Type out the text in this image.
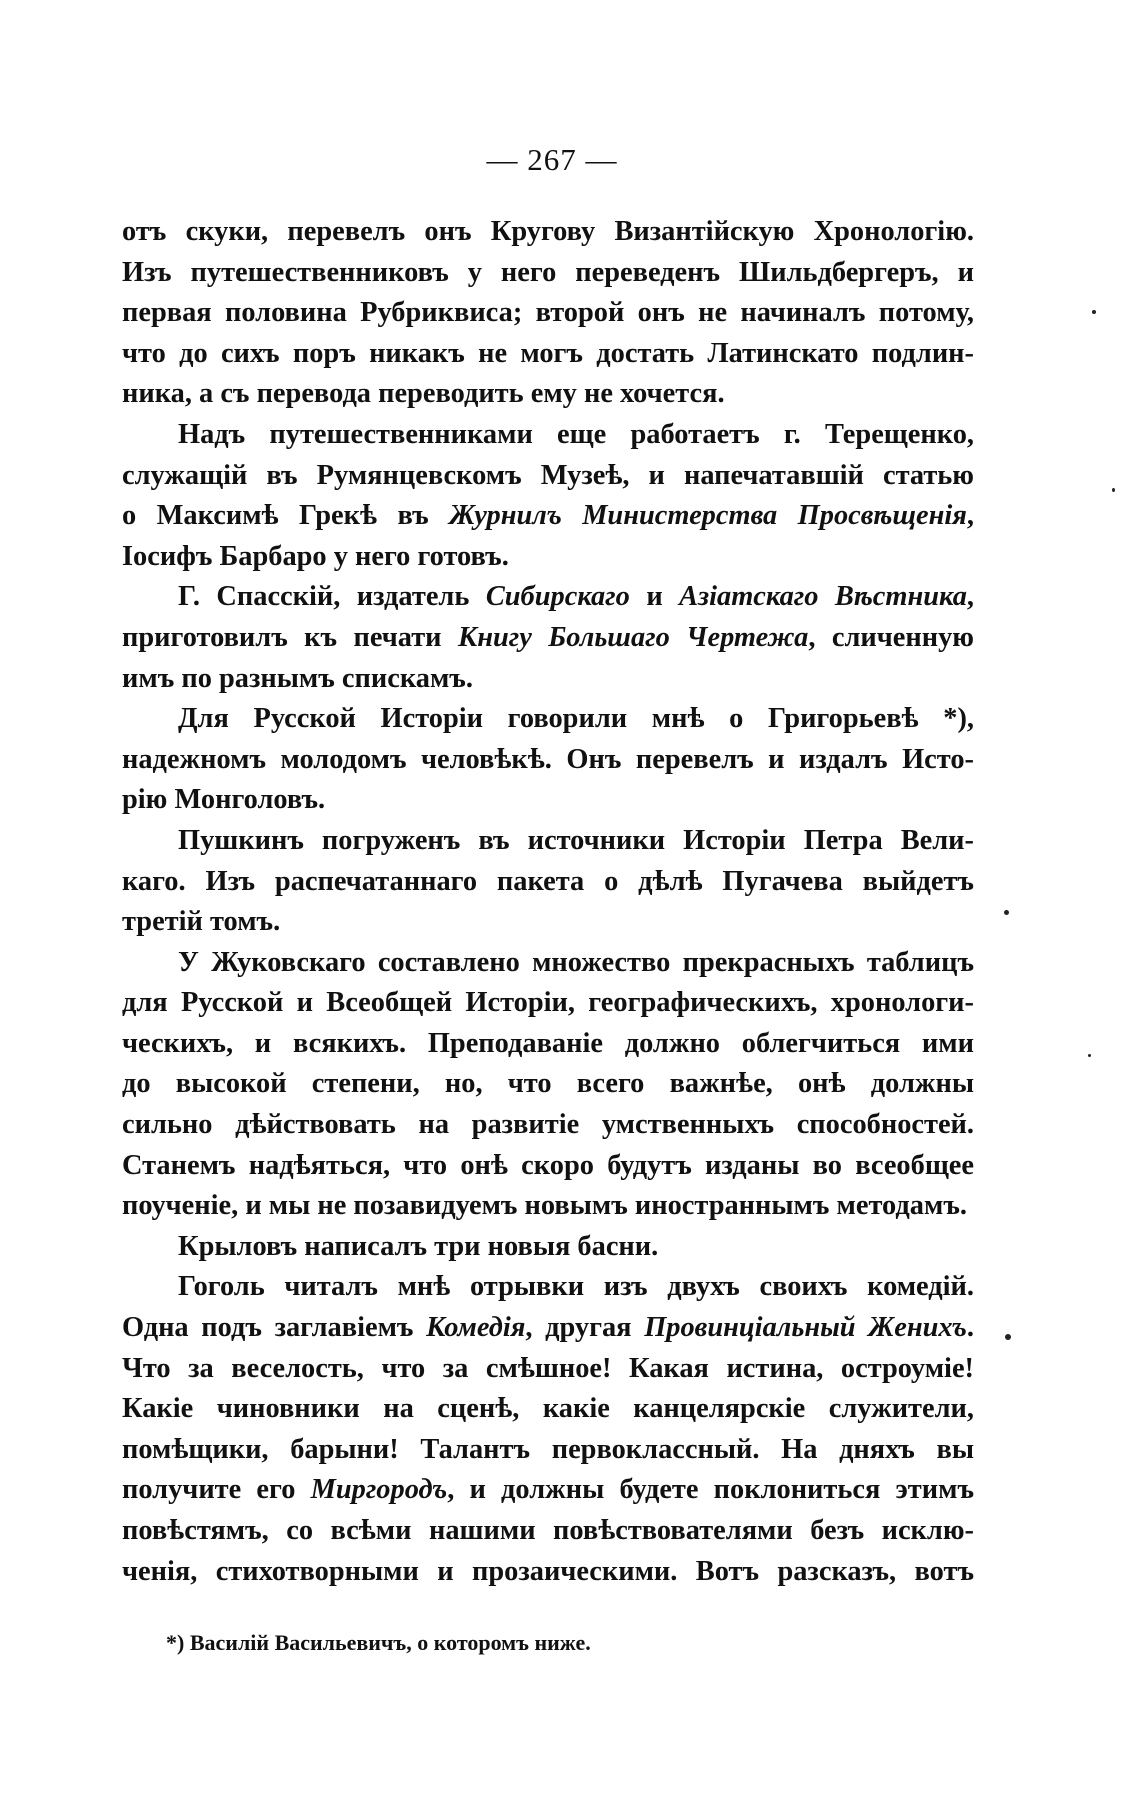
— 267 —
отъ скуки, перевелъ онъ Кругову Византійскую Хронологію.
Изъ путешественниковъ у него переведенъ Шильдбергеръ, и
первая половина Рубриквиса; второй онъ не начиналъ потому,
что до сихъ поръ никакъ не могъ достать Латинскато подлин-
ника, а съ перевода переводить ему не хочется.
Надъ путешественниками еще работаетъ г. Терещенко,
служащій въ Румянцевскомъ Музеѣ, и напечатавшій статью
о Максимѣ Грекѣ въ Журнилъ Министерства Просвѣщенія,
Іосифъ Барбаро у него готовъ.
Г. Спасскій, издатель Сибирскаго и Азіатскаго Вѣстника,
приготовилъ къ печати Книгу Большаго Чертежа, сличенную
имъ по разнымъ спискамъ.
Для Русской Исторіи говорили мнѣ о Григорьевѣ *),
надежномъ молодомъ человѣкѣ. Онъ перевелъ и издалъ Исто-
рію Монголовъ.
Пушкинъ погруженъ въ источники Исторіи Петра Вели-
каго. Изъ распечатаннаго пакета о дѣлѣ Пугачева выйдетъ
третій томъ.
У Жуковскаго составлено множество прекрасныхъ таблицъ
для Русской и Всеобщей Исторіи, географическихъ, хронологи-
ческихъ, и всякихъ. Преподаваніе должно облегчиться ими
до высокой степени, но, что всего важнѣе, онѣ должны
сильно дѣйствовать на развитіе умственныхъ способностей.
Станемъ надѣяться, что онѣ скоро будутъ изданы во всеобщее
поученіе, и мы не позавидуемъ новымъ иностраннымъ методамъ.
Крыловъ написалъ три новыя басни.
Гоголь читалъ мнѣ отрывки изъ двухъ своихъ комедій.
Одна подъ заглавіемъ Комедія, другая Провинціальный Женихъ.
Что за веселость, что за смѣшное! Какая истина, остроуміе!
Какіе чиновники на сценѣ, какіе канцелярскіе служители,
помѣщики, барыни! Талантъ первоклассный. На дняхъ вы
получите его Миргородъ, и должны будете поклониться этимъ
повѣстямъ, со всѣми нашими повѣствователями безъ исклю-
ченія, стихотворными и прозаическими. Вотъ разсказъ, вотъ
*) Василій Васильевичъ, о которомъ ниже.
